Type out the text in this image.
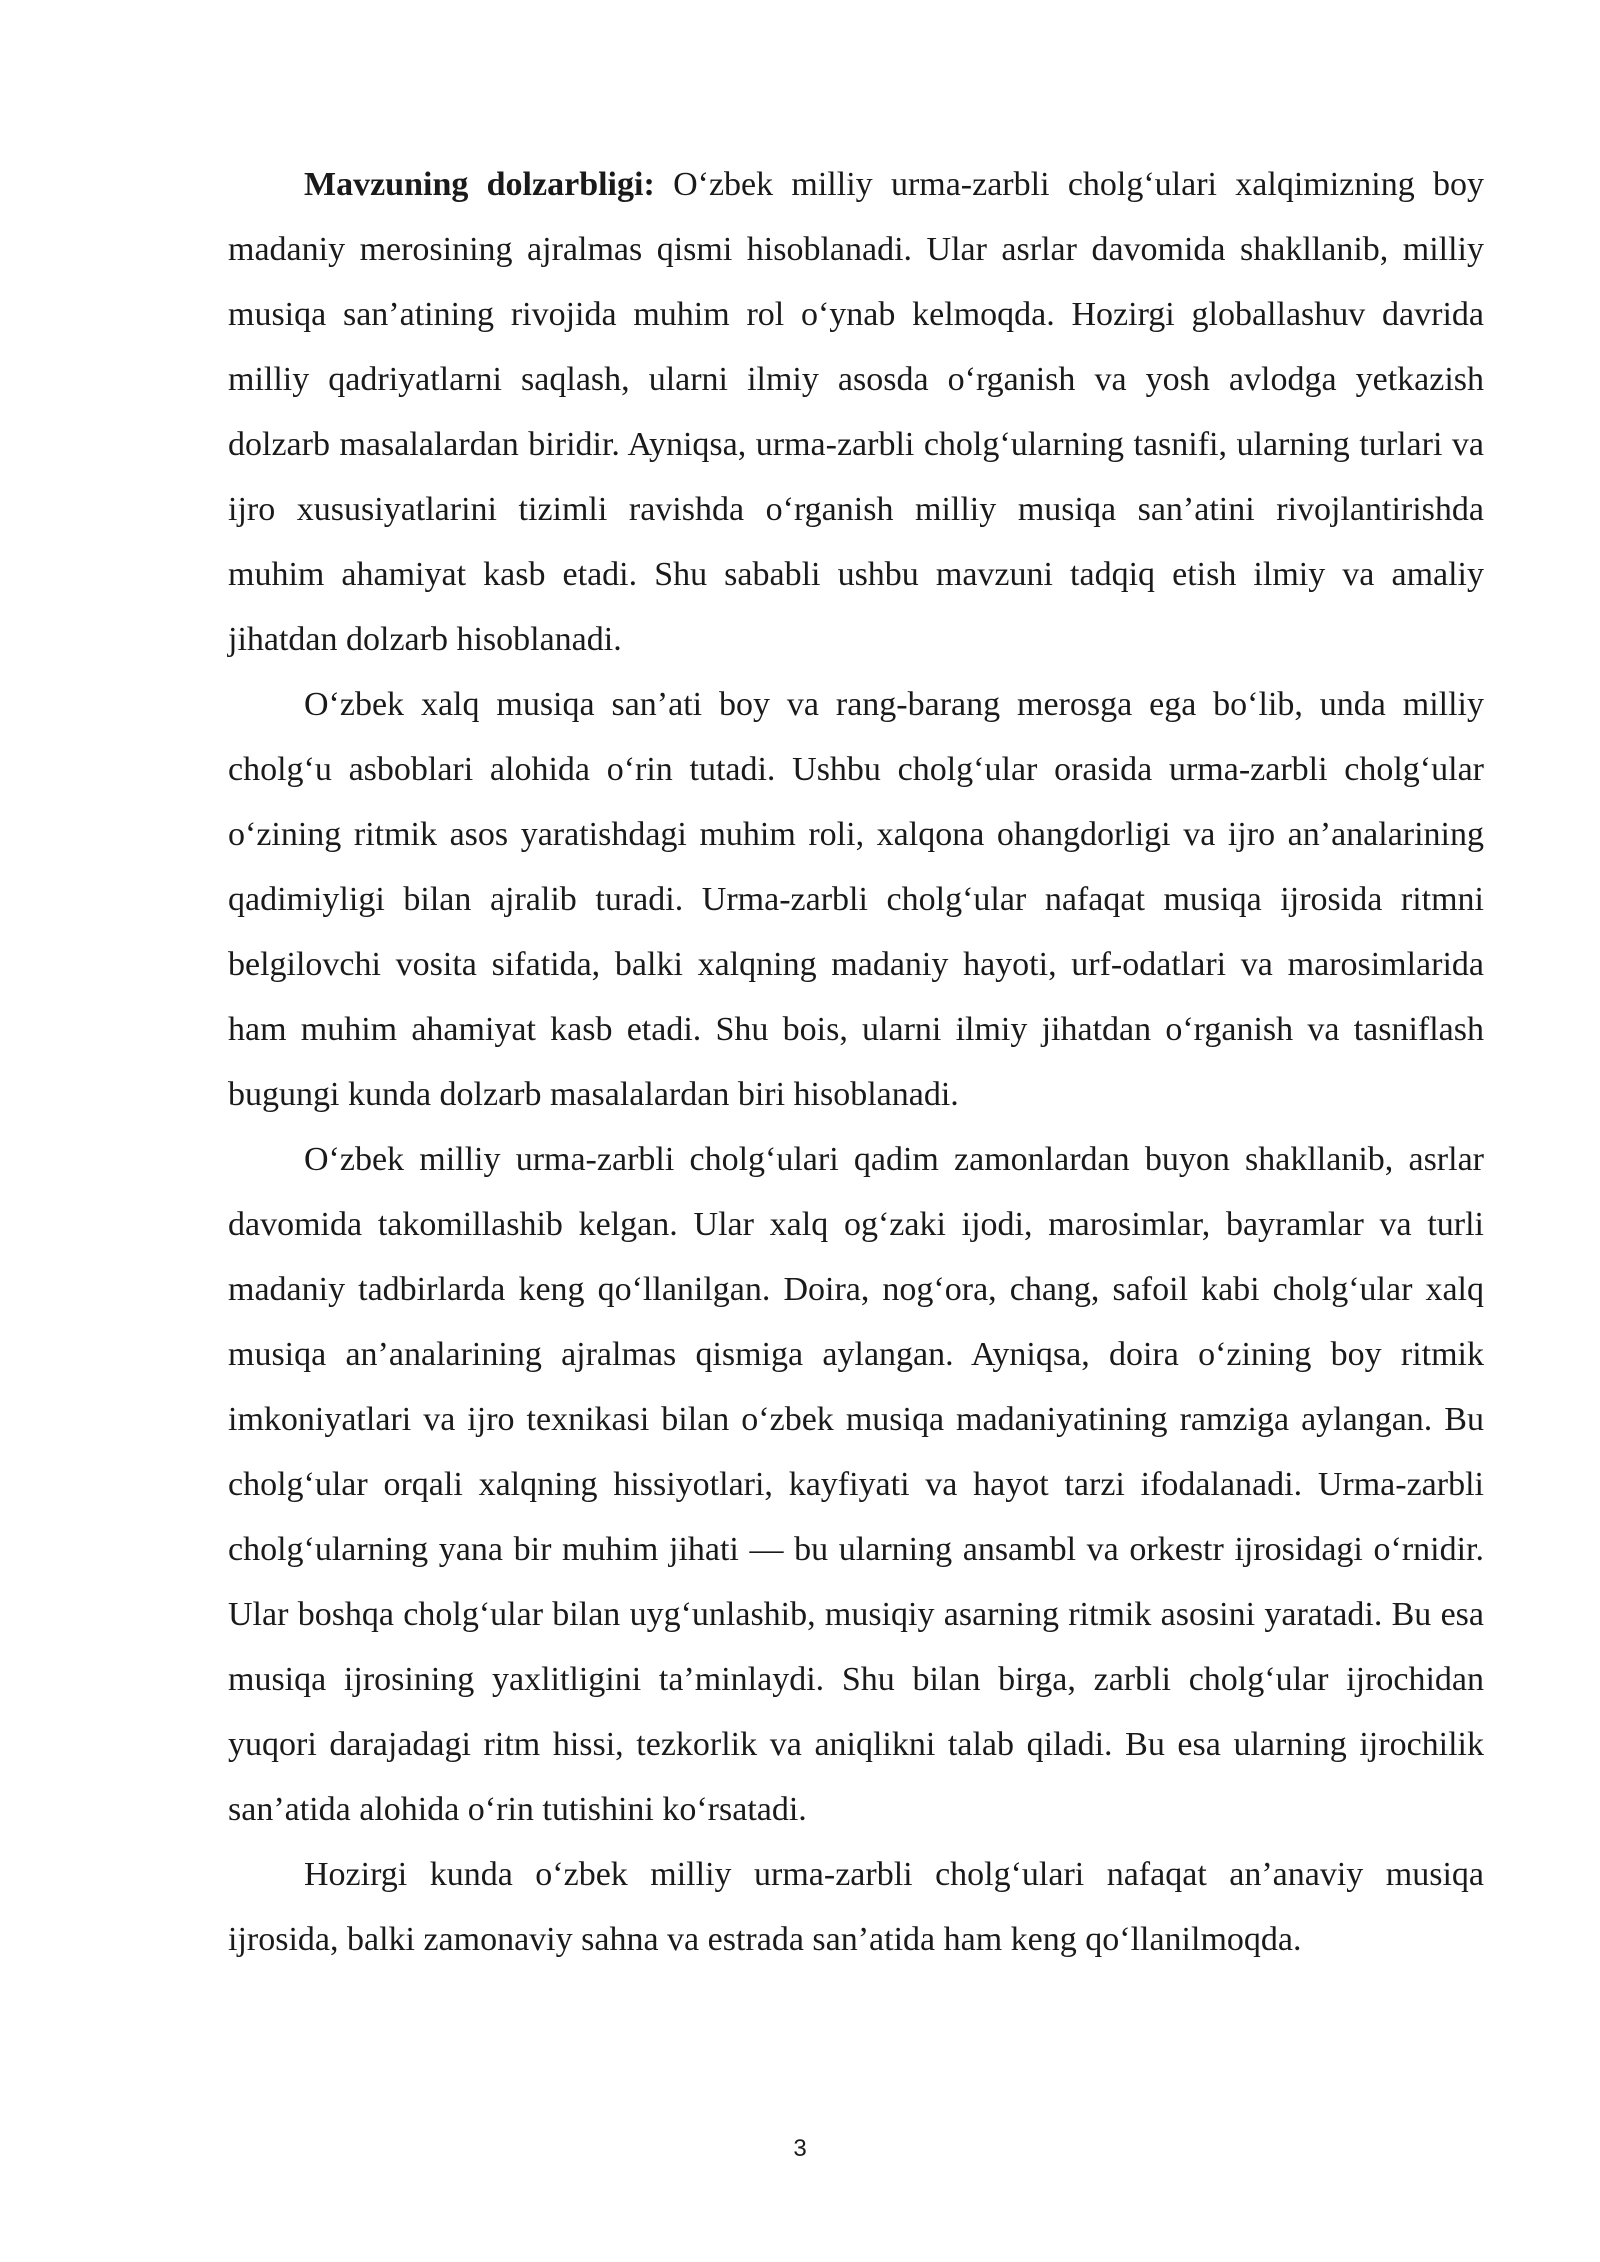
Mavzuning dolzarbligi: O‘zbek milliy urma-zarbli cholg‘ulari xalqimizning boy madaniy merosining ajralmas qismi hisoblanadi. Ular asrlar davomida shakllanib, milliy musiqa san’atining rivojida muhim rol o‘ynab kelmoqda. Hozirgi globallashuv davrida milliy qadriyatlarni saqlash, ularni ilmiy asosda o‘rganish va yosh avlodga yetkazish dolzarb masalalardan biridir. Ayniqsa, urma-zarbli cholg‘ularning tasnifi, ularning turlari va ijro xususiyatlarini tizimli ravishda o‘rganish milliy musiqa san’atini rivojlantirishda muhim ahamiyat kasb etadi. Shu sababli ushbu mavzuni tadqiq etish ilmiy va amaliy jihatdan dolzarb hisoblanadi.

O‘zbek xalq musiqa san’ati boy va rang-barang merosga ega bo‘lib, unda milliy cholg‘u asboblari alohida o‘rin tutadi. Ushbu cholg‘ular orasida urma-zarbli cholg‘ular o‘zining ritmik asos yaratishdagi muhim roli, xalqona ohangdorligi va ijro an’analarining qadimiyligi bilan ajralib turadi. Urma-zarbli cholg‘ular nafaqat musiqa ijrosida ritmni belgilovchi vosita sifatida, balki xalqning madaniy hayoti, urf-odatlari va marosimlarida ham muhim ahamiyat kasb etadi. Shu bois, ularni ilmiy jihatdan o‘rganish va tasniflash bugungi kunda dolzarb masalalardan biri hisoblanadi.

O‘zbek milliy urma-zarbli cholg‘ulari qadim zamonlardan buyon shakllanib, asrlar davomida takomillashib kelgan. Ular xalq og‘zaki ijodi, marosimlar, bayramlar va turli madaniy tadbirlarda keng qo‘llanilgan. Doira, nog‘ora, chang, safoil kabi cholg‘ular xalq musiqa an’analarining ajralmas qismiga aylangan. Ayniqsa, doira o‘zining boy ritmik imkoniyatlari va ijro texnikasi bilan o‘zbek musiqa madaniyatining ramziga aylangan. Bu cholg‘ular orqali xalqning hissiyotlari, kayfiyati va hayot tarzi ifodalanadi. Urma-zarbli cholg‘ularning yana bir muhim jihati — bu ularning ansambl va orkestr ijrosidagi o‘rnidir. Ular boshqa cholg‘ular bilan uyg‘unlashib, musiqiy asarning ritmik asosini yaratadi. Bu esa musiqa ijrosining yaxlitligini ta’minlaydi. Shu bilan birga, zarbli cholg‘ular ijrochidan yuqori darajadagi ritm hissi, tezkorlik va aniqlikni talab qiladi. Bu esa ularning ijrochilik san’atida alohida o‘rin tutishini ko‘rsatadi.

Hozirgi kunda o‘zbek milliy urma-zarbli cholg‘ulari nafaqat an’anaviy musiqa ijrosida, balki zamonaviy sahna va estrada san’atida ham keng qo‘llanilmoqda.

3
